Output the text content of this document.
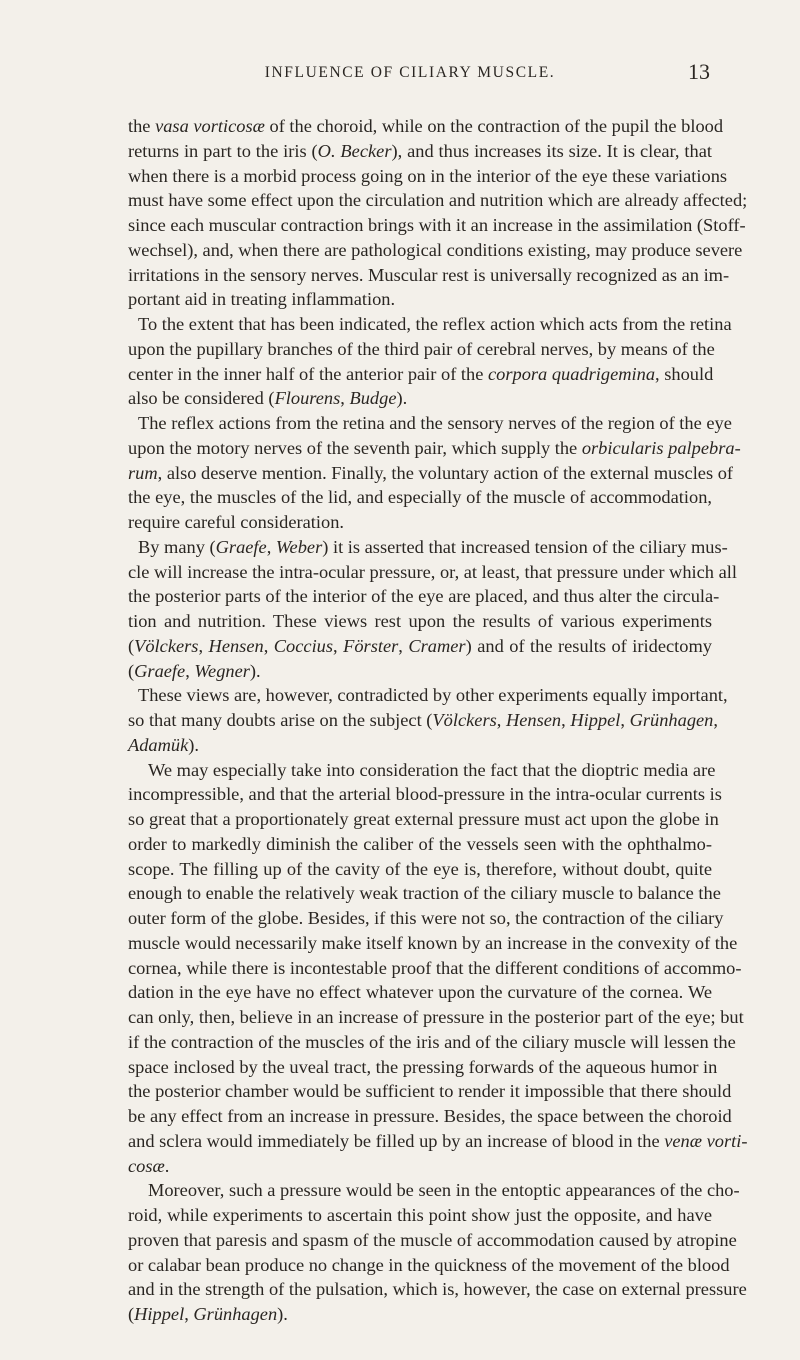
INFLUENCE OF CILIARY MUSCLE.	13
the vasa vorticosæ of the choroid, while on the contraction of the pupil the blood
returns in part to the iris (O. Becker), and thus increases its size. It is clear, that
when there is a morbid process going on in the interior of the eye these variations
must have some effect upon the circulation and nutrition which are already affected;
since each muscular contraction brings with it an increase in the assimilation (Stoff-
wechsel), and, when there are pathological conditions existing, may produce severe
irritations in the sensory nerves. Muscular rest is universally recognized as an im-
portant aid in treating inflammation.
To the extent that has been indicated, the reflex action which acts from the retina
upon the pupillary branches of the third pair of cerebral nerves, by means of the
center in the inner half of the anterior pair of the corpora quadrigemina, should
also be considered (Flourens, Budge).
The reflex actions from the retina and the sensory nerves of the region of the eye
upon the motory nerves of the seventh pair, which supply the orbicularis palpebra-
rum, also deserve mention. Finally, the voluntary action of the external muscles of
the eye, the muscles of the lid, and especially of the muscle of accommodation,
require careful consideration.
By many (Graefe, Weber) it is asserted that increased tension of the ciliary mus-
cle will increase the intra-ocular pressure, or, at least, that pressure under which all
the posterior parts of the interior of the eye are placed, and thus alter the circula-
tion and nutrition. These views rest upon the results of various experiments
(Völckers, Hensen, Coccius, Förster, Cramer) and of the results of iridectomy
(Graefe, Wegner).
These views are, however, contradicted by other experiments equally important,
so that many doubts arise on the subject (Völckers, Hensen, Hippel, Grünhagen,
Adamük).
We may especially take into consideration the fact that the dioptric media are
incompressible, and that the arterial blood-pressure in the intra-ocular currents is
so great that a proportionately great external pressure must act upon the globe in
order to markedly diminish the caliber of the vessels seen with the ophthalmo-
scope. The filling up of the cavity of the eye is, therefore, without doubt, quite
enough to enable the relatively weak traction of the ciliary muscle to balance the
outer form of the globe. Besides, if this were not so, the contraction of the ciliary
muscle would necessarily make itself known by an increase in the convexity of the
cornea, while there is incontestable proof that the different conditions of accommo-
dation in the eye have no effect whatever upon the curvature of the cornea. We
can only, then, believe in an increase of pressure in the posterior part of the eye; but
if the contraction of the muscles of the iris and of the ciliary muscle will lessen the
space inclosed by the uveal tract, the pressing forwards of the aqueous humor in
the posterior chamber would be sufficient to render it impossible that there should
be any effect from an increase in pressure. Besides, the space between the choroid
and sclera would immediately be filled up by an increase of blood in the venæ vorti-
cosæ.
Moreover, such a pressure would be seen in the entoptic appearances of the cho-
roid, while experiments to ascertain this point show just the opposite, and have
proven that paresis and spasm of the muscle of accommodation caused by atropine
or calabar bean produce no change in the quickness of the movement of the blood
and in the strength of the pulsation, which is, however, the case on external pressure
(Hippel, Grünhagen).
